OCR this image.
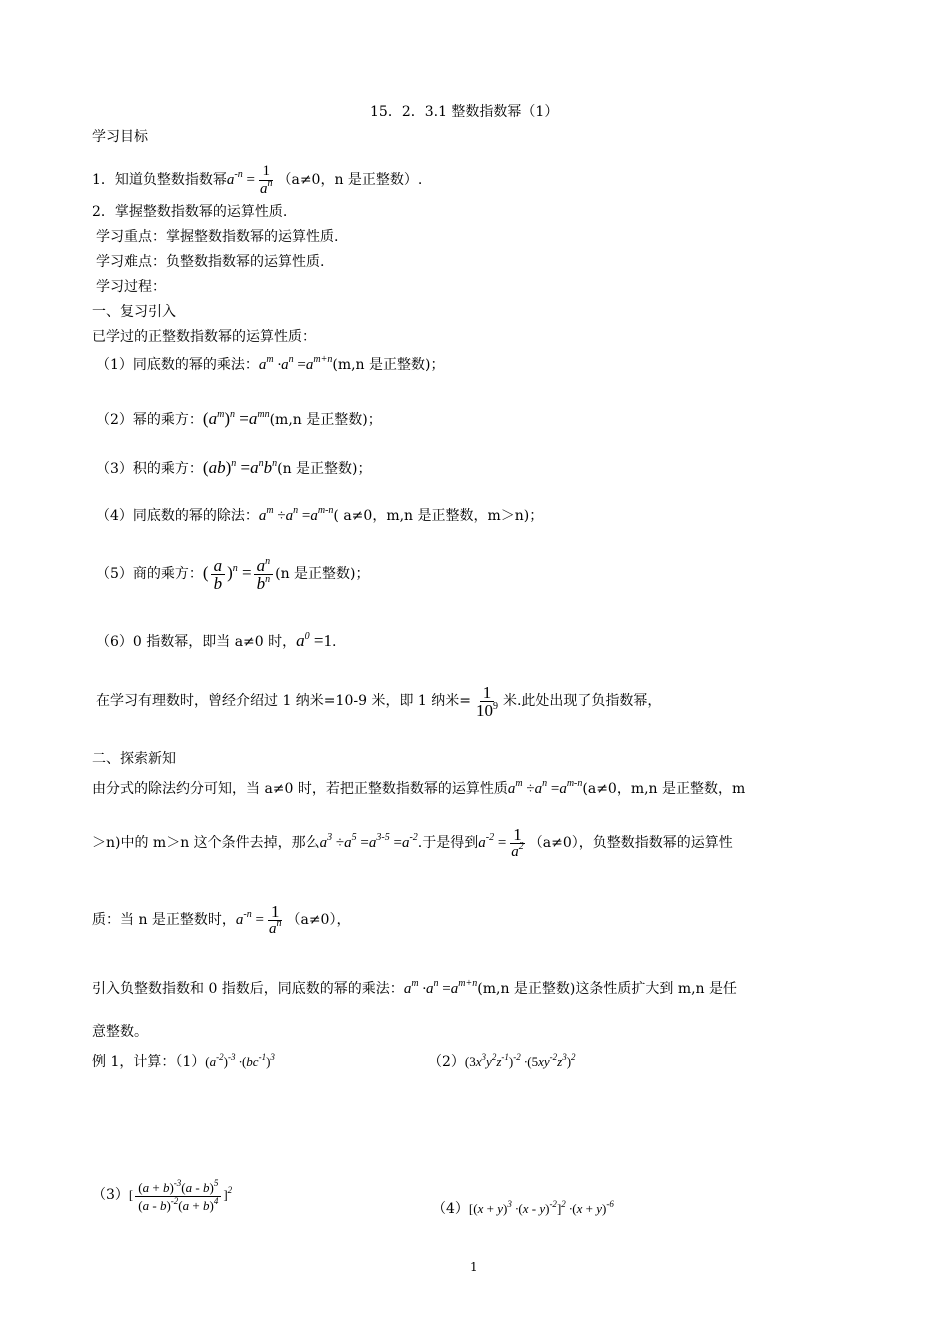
15．2．3.1 整数指数幂（1）
学习目标
1．知道负整数指数幂$a^{-n} = \frac{1}{a^n} (a\ne 0$，n 是正整数）.
2．掌握整数指数幂的运算性质.
学习重点：掌握整数指数幂的运算性质.
学习难点：负整数指数幂的运算性质.
学习过程：
一、复习引入
已学过的正整数指数幂的运算性质：
（1）同底数的幂的乘法：$a^m \cdot a^n =a^{m+n}(m,n$ 是正整数)；
（2）幂的乘方：$(a^m)^n =a^{mn}(m,n$ 是正整数)；
（3）积的乘方：$(ab)^n =a^nb^n(n$ 是正整数)；
（4）同底数的幂的除法：$a^m \div a^n =a^{m-n}$( a≠0，m,n 是正整数，m＞n)；
（5）商的乘方：( $\frac{a}{b} )^n = \frac{a^n}{b^n} (n$ 是正整数)；
（6）0 指数幂，即当 a≠0 时，$a^0 =1$.
在学习有理数时，曾经介绍过 1 纳米=10-9 米，即 1 纳米= $\frac{1}{10^9}$ 米.此处出现了负指数幂，
二、探索新知
由分式的除法约分可知，当 a≠0 时，若把正整数指数幂的运算性质$a^m \div a^n =a^{m-n}(a\ne 0$，m,n 是正整数，m
＞n)中的 m＞n 这个条件去掉，那么$a^3 \div a^5 =a^{3-5} =a^{-2}$.于是得到$a^{-2} = \frac{1}{a^2} (a\ne 0)$，负整数指数幂的运算性
质：当 n 是正整数时，$a^{-n} = \frac{1}{a^n} (a\ne 0)$，
引入负整数指数和 0 指数后，同底数的幂的乘法：$a^m \cdot a^n =a^{m+n}(m,n$ 是正整数)这条性质扩大到 m,n 是任
意整数。
例 1，计算：$(1)(a^{-2})^{-3} \cdot(bc^{-1})^3$	$(2)(3x^3y^2z^{-1})^{-2} \cdot(5xy^{-2}z^3)^2$
$(3)[ \frac{(a + b)^{-3}(a - b)^5}{(a - b)^{-2}(a + b)^4} ]^2$
$(4)[(x + y)^3 \cdot(x - y)^{-2}]^2 \cdot(x + y)^{-6}$
1
